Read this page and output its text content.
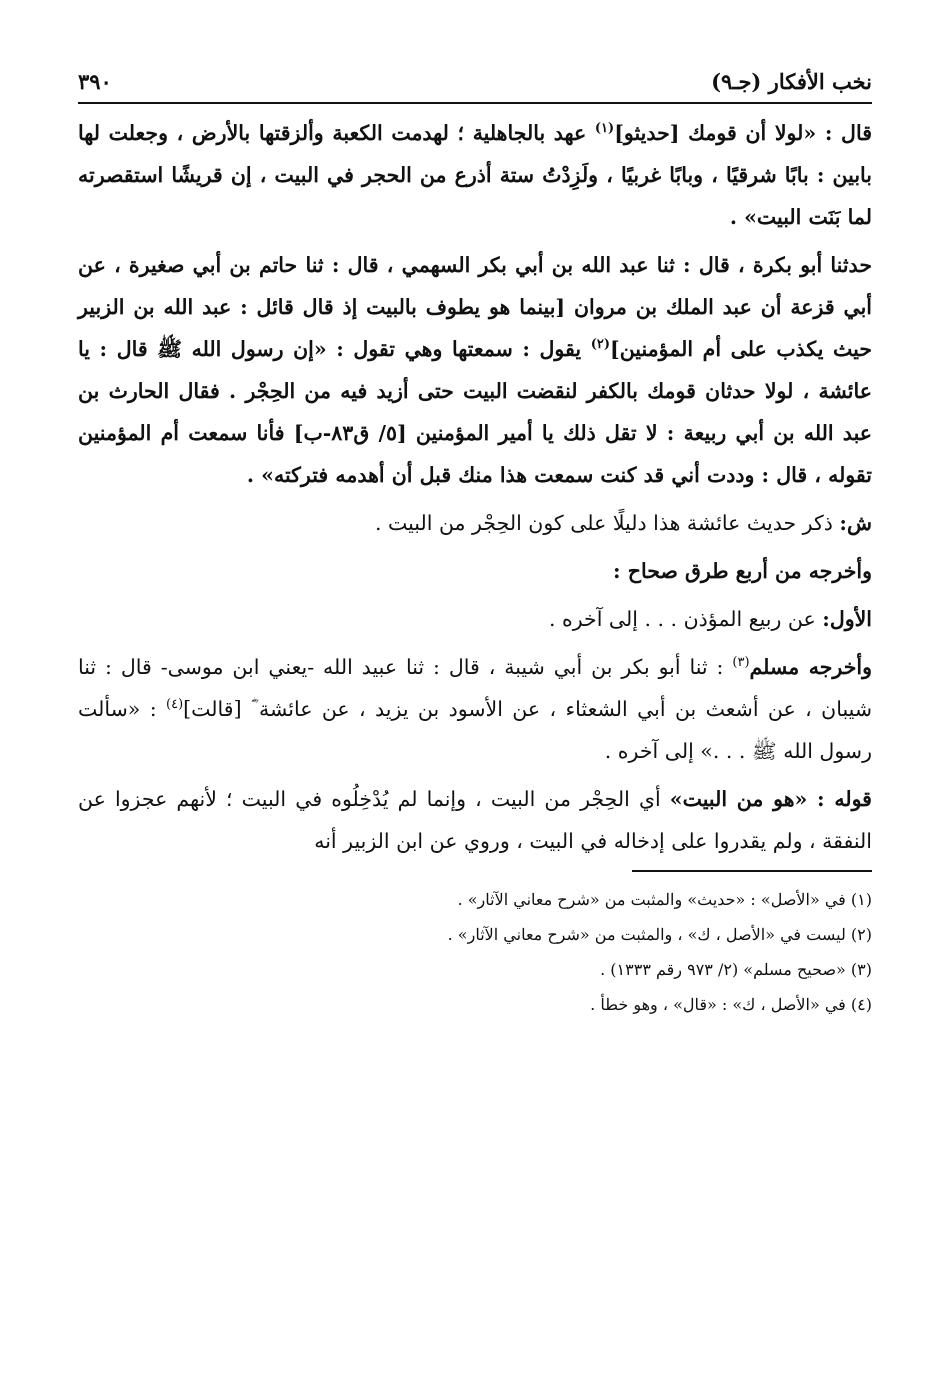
نخب الأفكار (جـ٩)
٣٩٠

قال : «لولا أن قومك [حديثو]$^{(١)}$ عهد بالجاهلية ؛ لهدمت الكعبة وألزقتها بالأرض ، وجعلت لها بابين : بابًا شرقيًا ، وبابًا غربيًا ، ولَزِدْتُ ستة أذرع من الحجر في البيت ، إن قريشًا استقصرته لما بَنَت البيت» .

حدثنا أبو بكرة ، قال : ثنا عبد الله بن أبي بكر السهمي ، قال : ثنا حاتم بن أبي صغيرة ، عن أبي قزعة أن عبد الملك بن مروان [بينما هو يطوف بالبيت إذ قال قائل : عبد الله بن الزبير حيث يكذب على أم المؤمنين]$^{(٢)}$ يقول : سمعتها وهي تقول : «إن رسول الله ﷺ قال : يا عائشة ، لولا حدثان قومك بالكفر لنقضت البيت حتى أزيد فيه من الحِجْر . فقال الحارث بن عبد الله بن أبي ربيعة : لا تقل ذلك يا أمير المؤمنين [٥/ ق٨٣-ب] فأنا سمعت أم المؤمنين تقوله ، قال : وددت أني قد كنت سمعت هذا منك قبل أن أهدمه فتركته» .

ش: ذكر حديث عائشة هذا دليلًا على كون الحِجْر من البيت .

وأخرجه من أربع طرق صحاح :

الأول: عن ربيع المؤذن . . . إلى آخره .

وأخرجه مسلم$^{(٣)}$ : ثنا أبو بكر بن أبي شيبة ، قال : ثنا عبيد الله -يعني ابن موسى- قال : ثنا شيبان ، عن أشعث بن أبي الشعثاء ، عن الأسود بن يزيد ، عن عائشة ؓ [قالت]$^{(٤)}$ : «سألت رسول الله ﷺ . . .» إلى آخره .

قوله : «هو من البيت» أي الحِجْر من البيت ، وإنما لم يُدْخِلُوه في البيت ؛ لأنهم عجزوا عن النفقة ، ولم يقدروا على إدخاله في البيت ، وروي عن ابن الزبير أنه

(١) في «الأصل» : «حديث» والمثبت من «شرح معاني الآثار» .

(٢) ليست في «الأصل ، ك» ، والمثبت من «شرح معاني الآثار» .

(٣) «صحيح مسلم» (٢/ ٩٧٣ رقم ١٣٣٣) .

(٤) في «الأصل ، ك» : «قال» ، وهو خطأ .
